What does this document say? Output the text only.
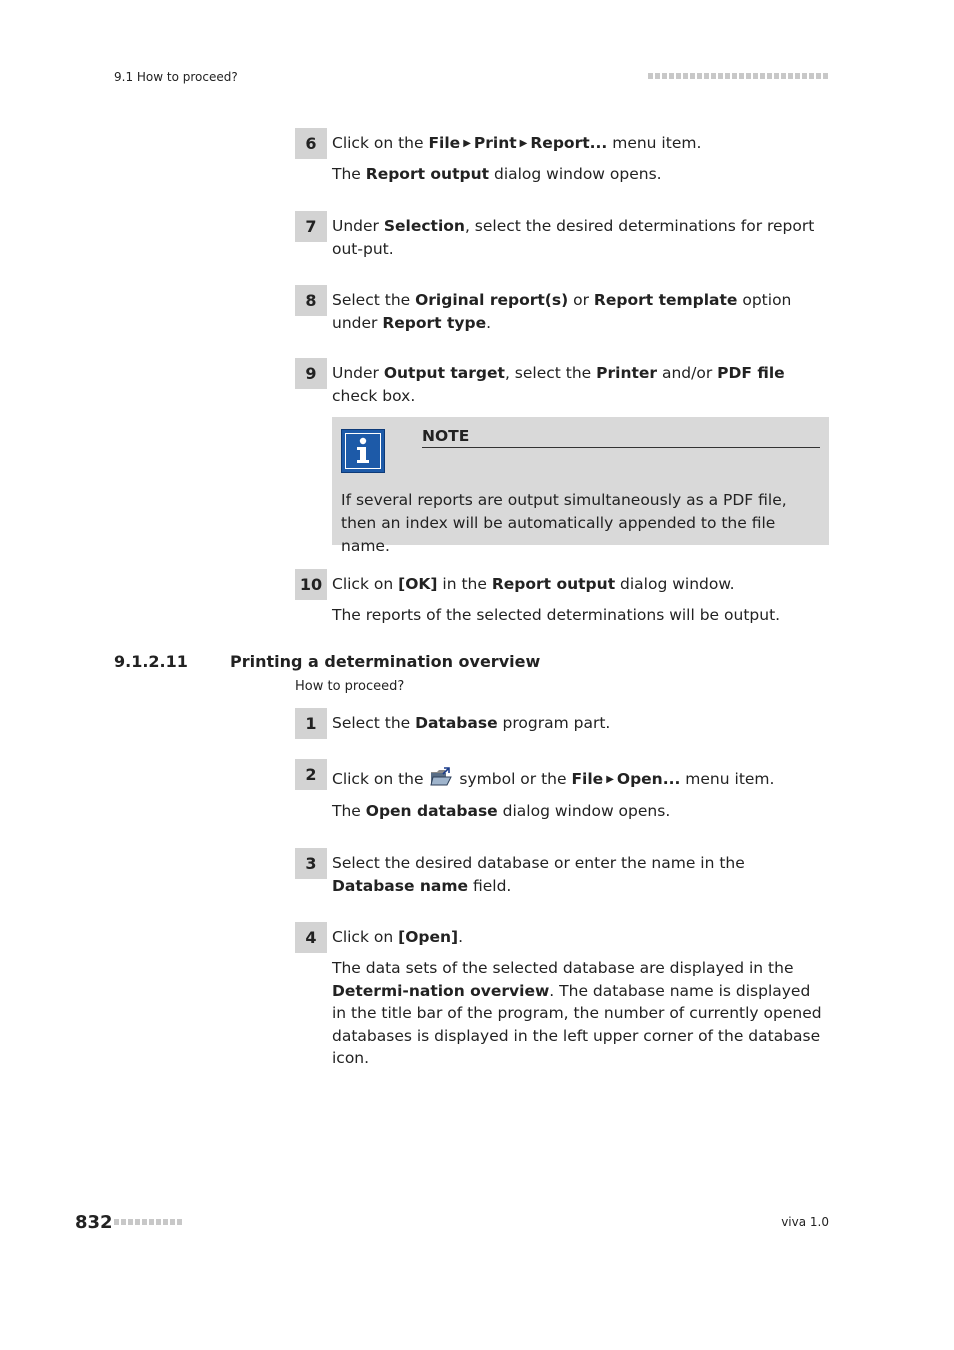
9.1 How to proceed?
6 Click on the File ▶ Print ▶ Report... menu item.
The Report output dialog window opens.
7 Under Selection, select the desired determinations for report out-put.
8 Select the Original report(s) or Report template option under Report type.
9 Under Output target, select the Printer and/or PDF file check box.
NOTE
If several reports are output simultaneously as a PDF file, then an index will be automatically appended to the file name.
10 Click on [OK] in the Report output dialog window.
The reports of the selected determinations will be output.
9.1.2.11	Printing a determination overview
How to proceed?
1 Select the Database program part.
2 Click on the  symbol or the File ▶ Open... menu item.
The Open database dialog window opens.
3 Select the desired database or enter the name in the Database name field.
4 Click on [Open].
The data sets of the selected database are displayed in the Determi-nation overview. The database name is displayed in the title bar of the program, the number of currently opened databases is displayed in the left upper corner of the database icon.
832	viva 1.0
